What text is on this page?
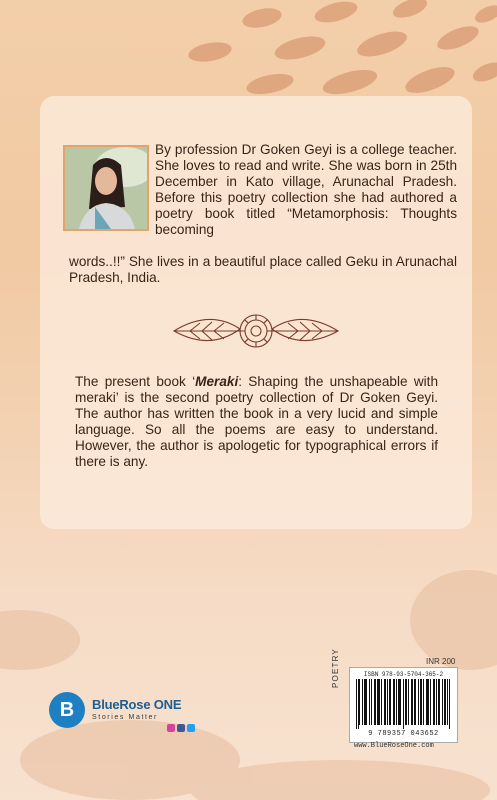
By profession Dr Goken Geyi is a college teacher. She loves to read and write. She was born in 25th December in Kato village, Arunachal Pradesh. Before this poetry collection she had authored a poetry book titled “Metamorphosis: Thoughts becoming

words..!!” She lives in a beautiful place called Geku in Arunachal Pradesh, India.

The present book ‘Meraki: Shaping the unshapeable with meraki’ is the second poetry collection of Dr Goken Geyi. The author has written the book in a very lucid and simple language. So all the poems are easy to understand. However, the author is apologetic for typographical errors if there is any.

B	BlueRose ONE
Stories Matter
INR 200
POETRY	ISBN 978-93-5704-365-2
9 789357 043652
www.BlueRoseOne.com
